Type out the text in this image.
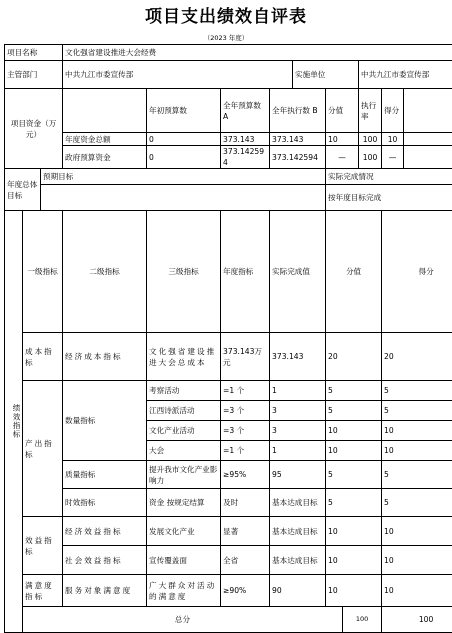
项目支出绩效自评表
（2023 年度）
项目名称			文化强省建设推进大会经费										
主管部门			中共九江市委宣传部				实施单位			中共九江市委宣传部			
项目资金（万元）				年初预算数	全年预算数 A	全年执行数 B		分值		执行率	得分		
			年度资金总额	0	373.143	373.143		10		100	10		
			政府预算资金	0	373.142594	373.142594		—		100	—		
年度总体目标		预期目标						实际完成情况					
								按年度目标完成					
绩效指标	一级指标		二级指标	三级指标	年度指标	实际完成值		分值			得分	
	成本指标		经济成本指标	文化强省建设推进大会总成本	373.143万元	373.143		20			20		
	产出指标		数量指标	考察活动	=1 个	1		5			5		
				江西诗派活动	=3 个	3		5			5		
				文化产业活动	=3 个	3		10			10		
				大会	=1 个	1		10			10		
			质量指标	提升我市文化产业影响力	≥95%	95		5			5		
			时效指标	资金 按规定结算	及时	基本达成目标		5			5		
	效益指标		经济效益指标	发展文化产业	显著	基本达成目标		10			10		
			社会效益指标	宣传覆盖面	全省	基本达成目标		10			10		
	满意度指标		服务对象满意度	广大群众对活动的满意度	≥90%	90		10			10		
	总分								100		100		
